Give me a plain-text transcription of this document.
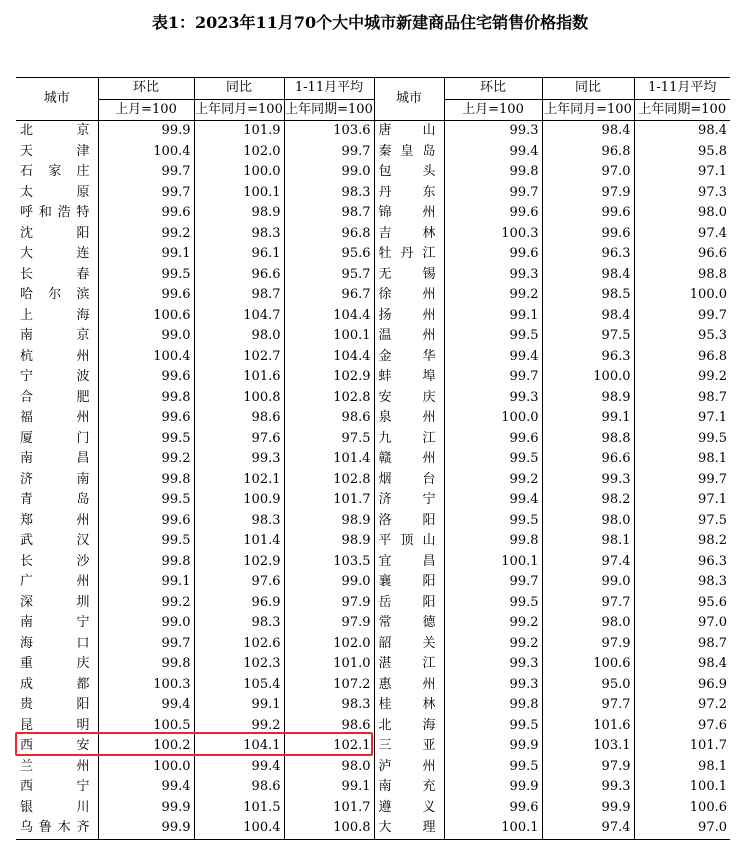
表1：2023年11月70个大中城市新建商品住宅销售价格指数
城市	环比	同比	1-11月平均	城市	环比	同比	1-11月平均
	上月=100	上年同月=100	上年同期=100		上月=100	上年同月=100	上年同期=100
北　京	99.9	101.9	103.6	唐　山	99.3	98.4	98.4
天　津	100.4	102.0	99.7	秦皇岛	99.4	96.8	95.8
石家庄	99.7	100.0	99.0	包　头	99.8	97.0	97.1
太　原	99.7	100.1	98.3	丹　东	99.7	97.9	97.3
呼和浩特	99.6	98.9	98.7	锦　州	99.6	99.6	98.0
沈　阳	99.2	98.3	96.8	吉　林	100.3	99.6	97.4
大　连	99.1	96.1	95.6	牡丹江	99.6	96.3	96.6
长　春	99.5	96.6	95.7	无　锡	99.3	98.4	98.8
哈尔滨	99.6	98.7	96.7	徐　州	99.2	98.5	100.0
上　海	100.6	104.7	104.4	扬　州	99.1	98.4	99.7
南　京	99.0	98.0	100.1	温　州	99.5	97.5	95.3
杭　州	100.4	102.7	104.4	金　华	99.4	96.3	96.8
宁　波	99.6	101.6	102.9	蚌　埠	99.7	100.0	99.2
合　肥	99.8	100.8	102.8	安　庆	99.3	98.9	98.7
福　州	99.6	98.6	98.6	泉　州	100.0	99.1	97.1
厦　门	99.5	97.6	97.5	九　江	99.6	98.8	99.5
南　昌	99.2	99.3	101.4	赣　州	99.5	96.6	98.1
济　南	99.8	102.1	102.8	烟　台	99.2	99.3	99.7
青　岛	99.5	100.9	101.7	济　宁	99.4	98.2	97.1
郑　州	99.6	98.3	98.9	洛　阳	99.5	98.0	97.5
武　汉	99.5	101.4	98.9	平顶山	99.8	98.1	98.2
长　沙	99.8	102.9	103.5	宜　昌	100.1	97.4	96.3
广　州	99.1	97.6	99.0	襄　阳	99.7	99.0	98.3
深　圳	99.2	96.9	97.9	岳　阳	99.5	97.7	95.6
南　宁	99.0	98.3	97.9	常　德	99.2	98.0	97.0
海　口	99.7	102.6	102.0	韶　关	99.2	97.9	98.7
重　庆	99.8	102.3	101.0	湛　江	99.3	100.6	98.4
成　都	100.3	105.4	107.2	惠　州	99.3	95.0	96.9
贵　阳	99.4	99.1	98.3	桂　林	99.8	97.7	97.2
昆　明	100.5	99.2	98.6	北　海	99.5	101.6	97.6
西　安	100.2	104.1	102.1	三　亚	99.9	103.1	101.7
兰　州	100.0	99.4	98.0	泸　州	99.5	97.9	98.1
西　宁	99.4	98.6	99.1	南　充	99.9	99.3	100.1
银　川	99.9	101.5	101.7	遵　义	99.6	99.9	100.6
乌鲁木齐	99.9	100.4	100.8	大　理	100.1	97.4	97.0
